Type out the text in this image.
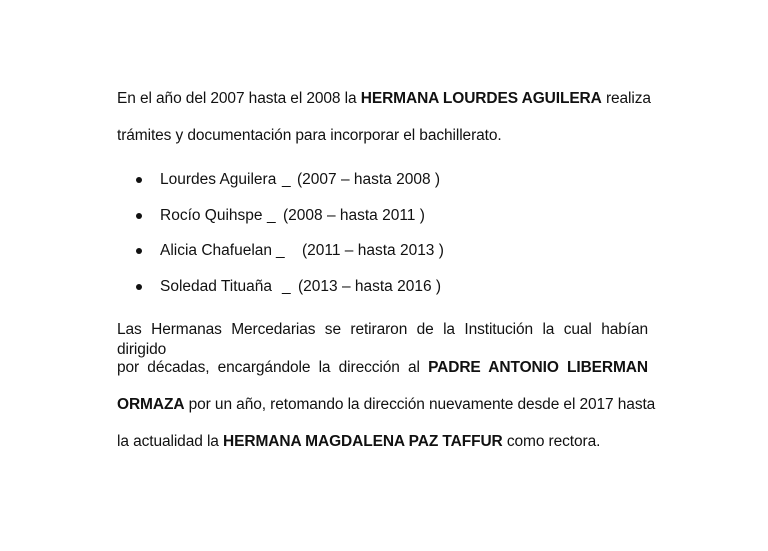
En el año del 2007 hasta el 2008 la HERMANA LOURDES AGUILERA realiza
trámites y documentación para incorporar el bachillerato.
Lourdes Aguilera _ (2007 – hasta 2008 )
Rocío Quihspe _ (2008 – hasta 2011 )
Alicia Chafuelan _ (2011 – hasta 2013 )
Soledad Tituaña _ (2013 – hasta 2016 )
Las Hermanas Mercedarias se retiraron de la Institución la cual habían dirigido
por décadas, encargándole la dirección al PADRE ANTONIO LIBERMAN
ORMAZA por un año, retomando la dirección nuevamente desde el 2017 hasta
la actualidad la HERMANA MAGDALENA PAZ TAFFUR como rectora.
